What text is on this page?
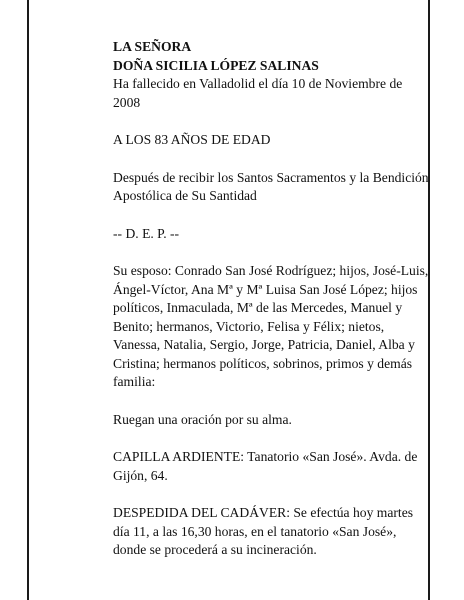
LA SEÑORA

DOÑA SICILIA LÓPEZ SALINAS

Ha fallecido en Valladolid el día 10 de Noviembre de 2008

A LOS 83 AÑOS DE EDAD

Después de recibir los Santos Sacramentos y la Bendición Apostólica de Su Santidad

-- D. E. P. --

Su esposo: Conrado San José Rodríguez; hijos, José-Luis, Ángel-Víctor, Ana Mª y Mª Luisa San José López; hijos políticos, Inmaculada, Mª de las Mercedes, Manuel y Benito; hermanos, Victorio, Felisa y Félix; nietos, Vanessa, Natalia, Sergio, Jorge, Patricia, Daniel, Alba y Cristina; hermanos políticos, sobrinos, primos y demás familia:

Ruegan una oración por su alma.

CAPILLA ARDIENTE: Tanatorio «San José». Avda. de Gijón, 64.

DESPEDIDA DEL CADÁVER: Se efectúa hoy martes día 11, a las 16,30 horas, en el tanatorio «San José», donde se procederá a su incineración.
